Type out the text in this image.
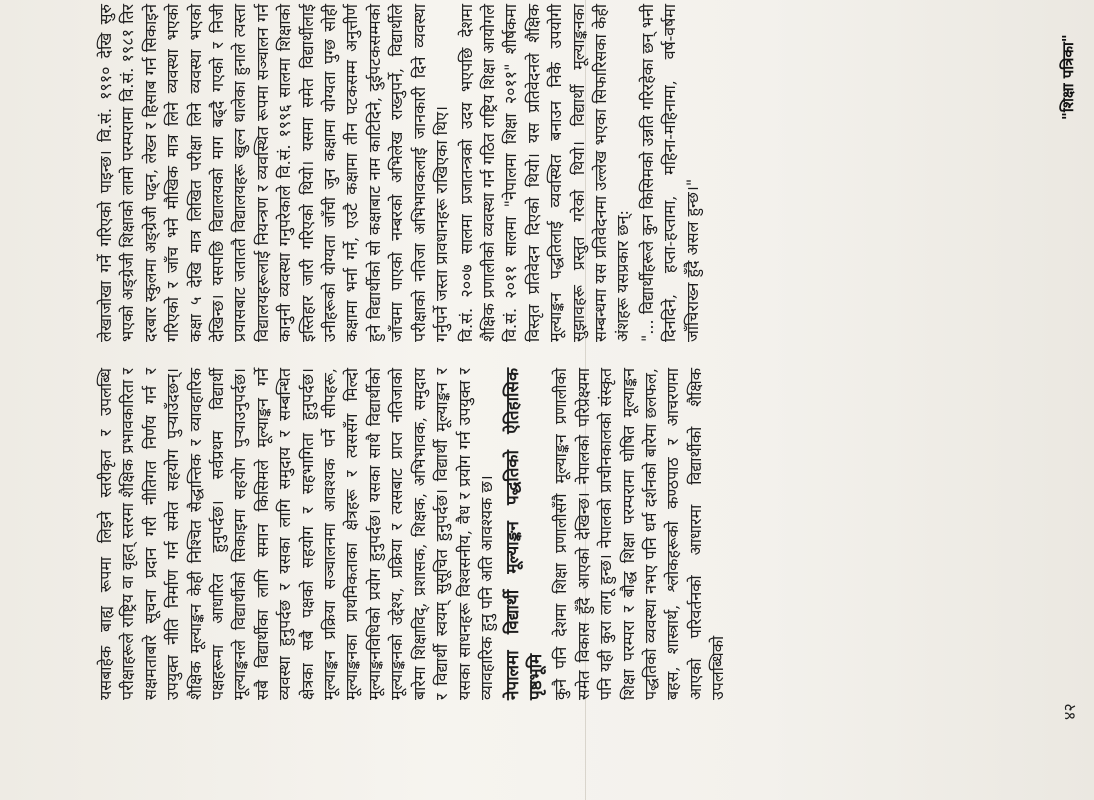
यसबाहेक बाह्य रूपमा लिइने स्तरीकृत र उपलब्धि परीक्षाहरूले राष्ट्रिय वा वृहत् स्तरमा शैक्षिक प्रभावकारिता र सक्षमताबारे सूचना प्रदान गरी नीतिगत निर्णय गर्न र उपयुक्त नीति निर्माण गर्न समेत सहयोग पुऱ्याउँदछन्। शैक्षिक मूल्याङ्कन केही निश्चित सैद्धान्तिक र व्यावहारिक पक्षहरूमा आधारित हुनुपर्दछ। सर्वप्रथम विद्यार्थी मूल्याङ्कनले विद्यार्थीको सिकाइमा सहयोग पुऱ्याउनुपर्दछ। सबै विद्यार्थीका लागि समान किसिमले मूल्याङ्कन गर्ने व्यवस्था हुनुपर्दछ र यसका लागि समुदाय र सम्बन्धित क्षेत्रका सबै पक्षको सहयोग र सहभागिता हुनुपर्दछ। मूल्याङ्कन प्रक्रिया सञ्चालनमा आवश्यक पर्ने सीपहरू, मूल्याङ्कनका प्राथमिकताका क्षेत्रहरू र त्यससँग मिल्दो मूल्याङ्कनविधिको प्रयोग हुनुपर्दछ। यसका साथै विद्यार्थीको मूल्याङ्कनको उद्देश्य, प्रक्रिया र त्यसबाट प्राप्त नतिजाको बारेमा शिक्षाविद्, प्रशासक, शिक्षक, अभिभावक, समुदाय र विद्यार्थी स्वयम् सुसूचित हुनुपर्दछ। विद्यार्थी मूल्याङ्कन र यसका साधनहरू विश्वसनीय, वैध र प्रयोग गर्न उपयुक्त र व्यावहारिक हुनु पनि अति आवश्यक छ। नेपालमा विद्यार्थी मूल्याङ्कन पद्धतिको ऐतिहासिक पृष्ठभूमि कुनै पनि देशमा शिक्षा प्रणालीसँगै मूल्याङ्कन प्रणालीको समेत विकास हुँदै आएको देखिन्छ। नेपालको परिप्रेक्ष्यमा पनि यही कुरा लागू हुन्छ। नेपालको प्राचीनकालको संस्कृत शिक्षा परम्परा र बौद्ध शिक्षा परम्परामा घोषित मूल्याङ्कन पद्धतिको व्यवस्था नभए पनि धर्म दर्शनको बारेमा छलफल, बहस, शास्त्रार्थ, श्लोकहरूको कण्ठपाठ र आचरणमा आएको परिवर्तनको आधारमा विद्यार्थीको शैक्षिक उपलब्धिको

लेखाजोखा गर्ने गरिएको पाइन्छ। वि.सं. १९१० देखि सुरु भएको अङ्ग्रेजी शिक्षाको लामो परम्परामा वि.सं. १९८१ तिर दरबार स्कुलमा अङ्ग्रेजी पढ्न, लेख्न र हिसाब गर्न सिकाइने गरिएको र जाँच भने मौखिक मात्र लिने व्यवस्था भएको कक्षा ५ देखि मात्र लिखित परीक्षा लिने व्यवस्था भएको देखिन्छ। यसपछि विद्यालयको माग बढ्दै गएको र निजी प्रयासबाट जताततै विद्यालयहरू खुल्न थालेका हुनाले त्यस्ता विद्यालयहरूलाई नियन्त्रण र व्यवस्थित रूपमा सञ्चालन गर्न कानुनी व्यवस्था गनुपरेकाले वि.सं. १९९६ सालमा शिक्षाको इस्तिहार जारी गरिएको थियो। यसमा समेत विद्यार्थीलाई उनीहरूको योग्यता जाँची जुन कक्षामा योग्यता पुग्छ सोही कक्षामा भर्ना गर्ने, एउटै कक्षामा तीन पटकसम्म अनुत्तीर्ण हुने विद्यार्थीको सो कक्षाबाट नाम काटिदिने, दुईपटकसम्मको जाँचमा पाएको नम्बरको अभिलेख राख्नुपर्ने, विद्यार्थीले परीक्षाको नतिजा अभिभावकलाई जानकारी दिने व्यवस्था गर्नुपर्ने जस्ता प्रावधानहरू राखिएका थिए। वि.सं. २००७ सालमा प्रजातन्त्रको उदय भएपछि देशमा शैक्षिक प्रणालीको व्यवस्था गर्न गठित राष्ट्रिय शिक्षा आयोगले वि.सं. २०११ सालमा "नेपालमा शिक्षा २०११" शीर्षकमा विस्तृत प्रतिवेदन दिएको थियो। यस प्रतिवेदनले शैक्षिक मूल्याङ्कन पद्धतिलाई व्यवस्थित बनाउन निकै उपयोगी सुझावहरू प्रस्तुत गरेको थियो। विद्यार्थी मूल्याङ्कनका सम्बन्धमा यस प्रतिवेदनमा उल्लेख भएका सिफारिसका केही अंशहरू यसप्रकार छन्: "... विद्यार्थीहरूले कुन किसिमको उन्नति गरिरहेका छन् भनी दिनदिने, हप्ता-हप्तामा, महिना-महिनामा, वर्ष-वर्षमा जाँचिराख्न हुँदै असल हुन्छ।"

४२
"शिक्षा पत्रिका"
